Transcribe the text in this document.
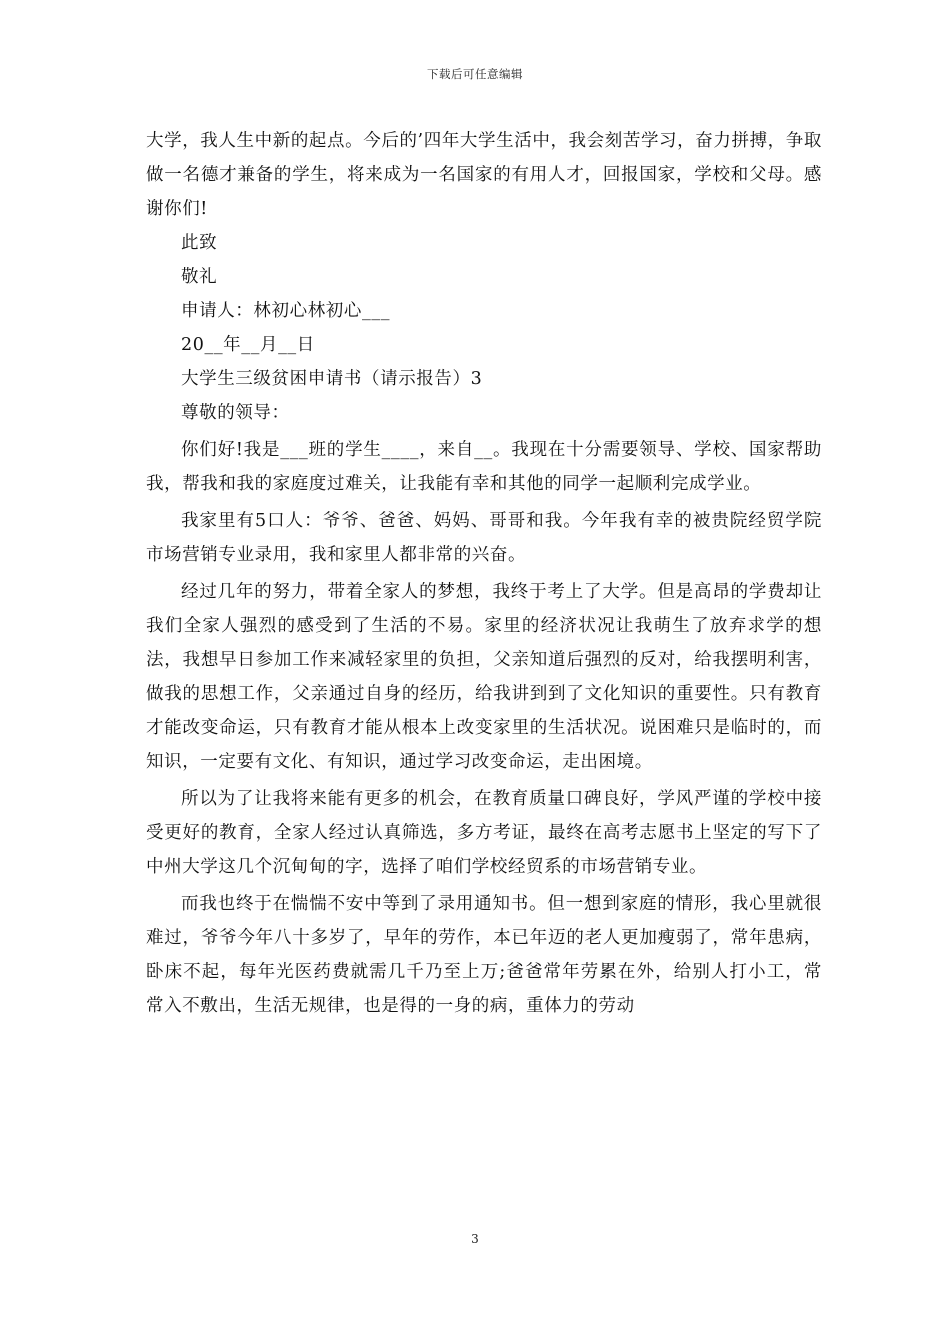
下载后可任意编辑

大学，我人生中新的起点。今后的’四年大学生活中，我会刻苦学习，奋力拼搏，争取做一名德才兼备的学生，将来成为一名国家的有用人才，回报国家，学校和父母。感谢你们!

此致

敬礼

申请人：林初心林初心___

20__年__月__日

大学生三级贫困申请书（请示报告）3

尊敬的领导：

你们好!我是___班的学生____，来自__。我现在十分需要领导、学校、国家帮助我，帮我和我的家庭度过难关，让我能有幸和其他的同学一起顺利完成学业。

我家里有5口人：爷爷、爸爸、妈妈、哥哥和我。今年我有幸的被贵院经贸学院市场营销专业录用，我和家里人都非常的兴奋。

经过几年的努力，带着全家人的梦想，我终于考上了大学。但是高昂的学费却让我们全家人强烈的感受到了生活的不易。家里的经济状况让我萌生了放弃求学的想法，我想早日参加工作来减轻家里的负担，父亲知道后强烈的反对，给我摆明利害，做我的思想工作，父亲通过自身的经历，给我讲到到了文化知识的重要性。只有教育才能改变命运，只有教育才能从根本上改变家里的生活状况。说困难只是临时的，而知识，一定要有文化、有知识，通过学习改变命运，走出困境。

所以为了让我将来能有更多的机会，在教育质量口碑良好，学风严谨的学校中接受更好的教育，全家人经过认真筛选，多方考证，最终在高考志愿书上坚定的写下了中州大学这几个沉甸甸的字，选择了咱们学校经贸系的市场营销专业。

而我也终于在惴惴不安中等到了录用通知书。但一想到家庭的情形，我心里就很难过，爷爷今年八十多岁了，早年的劳作，本已年迈的老人更加瘦弱了，常年患病，卧床不起，每年光医药费就需几千乃至上万;爸爸常年劳累在外，给别人打小工，常常入不敷出，生活无规律，也是得的一身的病，重体力的劳动

3
